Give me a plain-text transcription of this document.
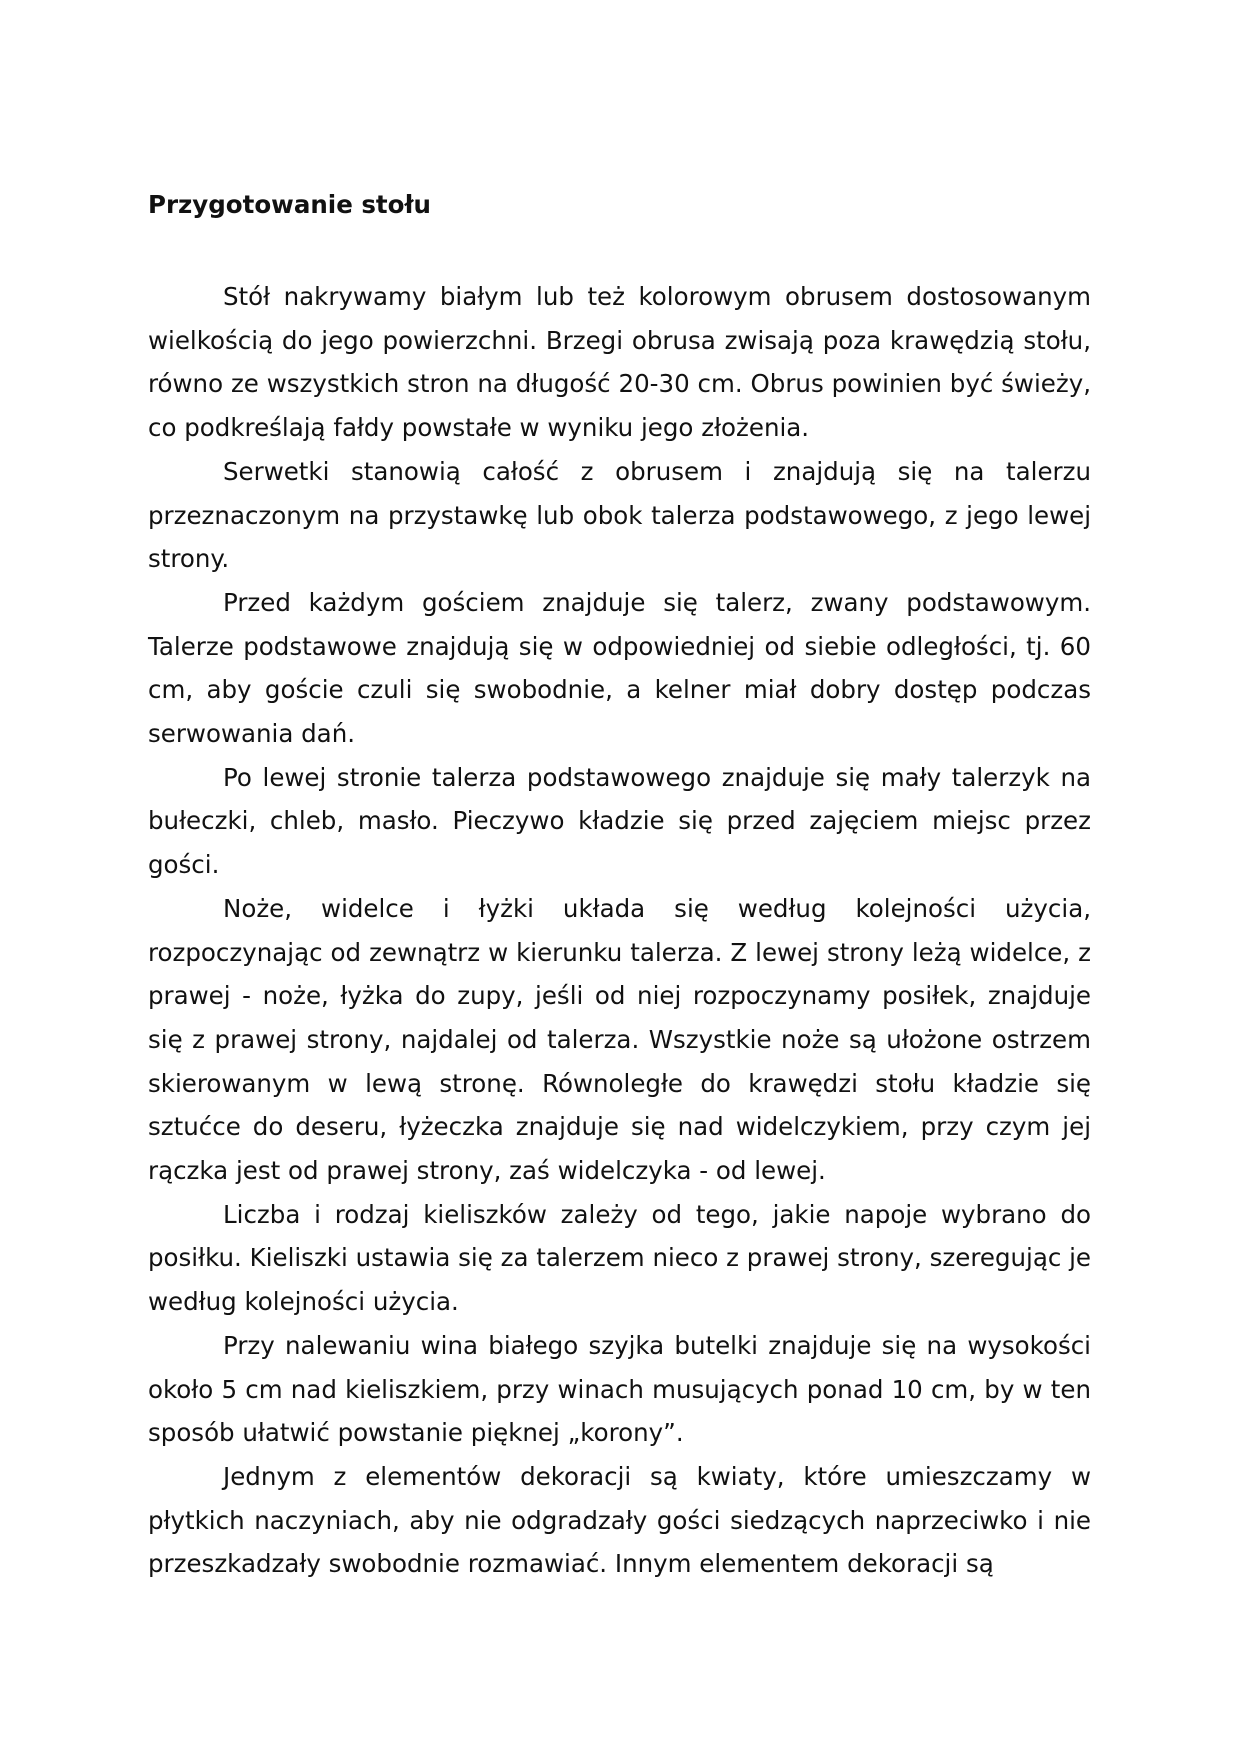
Przygotowanie stołu

Stół nakrywamy białym lub też kolorowym obrusem dostosowanym wielkością do jego powierzchni. Brzegi obrusa zwisają poza krawędzią stołu, równo ze wszystkich stron na długość 20-30 cm. Obrus powinien być świeży, co podkreślają fałdy powstałe w wyniku jego złożenia.

Serwetki stanowią całość z obrusem i znajdują się na talerzu przeznaczonym na przystawkę lub obok talerza podstawowego, z jego lewej strony.

Przed każdym gościem znajduje się talerz, zwany podstawowym. Talerze podstawowe znajdują się w odpowiedniej od siebie odległości, tj. 60 cm, aby goście czuli się swobodnie, a kelner miał dobry dostęp podczas serwowania dań.

Po lewej stronie talerza podstawowego znajduje się mały talerzyk na bułeczki, chleb, masło. Pieczywo kładzie się przed zajęciem miejsc przez gości.

Noże, widelce i łyżki układa się według kolejności użycia, rozpoczynając od zewnątrz w kierunku talerza. Z lewej strony leżą widelce, z prawej - noże, łyżka do zupy, jeśli od niej rozpoczynamy posiłek, znajduje się z prawej strony, najdalej od talerza. Wszystkie noże są ułożone ostrzem skierowanym w lewą stronę. Równoległe do krawędzi stołu kładzie się sztućce do deseru, łyżeczka znajduje się nad widelczykiem, przy czym jej rączka jest od prawej strony, zaś widelczyka - od lewej.

Liczba i rodzaj kieliszków zależy od tego, jakie napoje wybrano do posiłku. Kieliszki ustawia się za talerzem nieco z prawej strony, szeregując je według kolejności użycia.

Przy nalewaniu wina białego szyjka butelki znajduje się na wysokości około 5 cm nad kieliszkiem, przy winach musujących ponad 10 cm, by w ten sposób ułatwić powstanie pięknej „korony”.

Jednym z elementów dekoracji są kwiaty, które umieszczamy w płytkich naczyniach, aby nie odgradzały gości siedzących naprzeciwko i nie przeszkadzały swobodnie rozmawiać. Innym elementem dekoracji są
